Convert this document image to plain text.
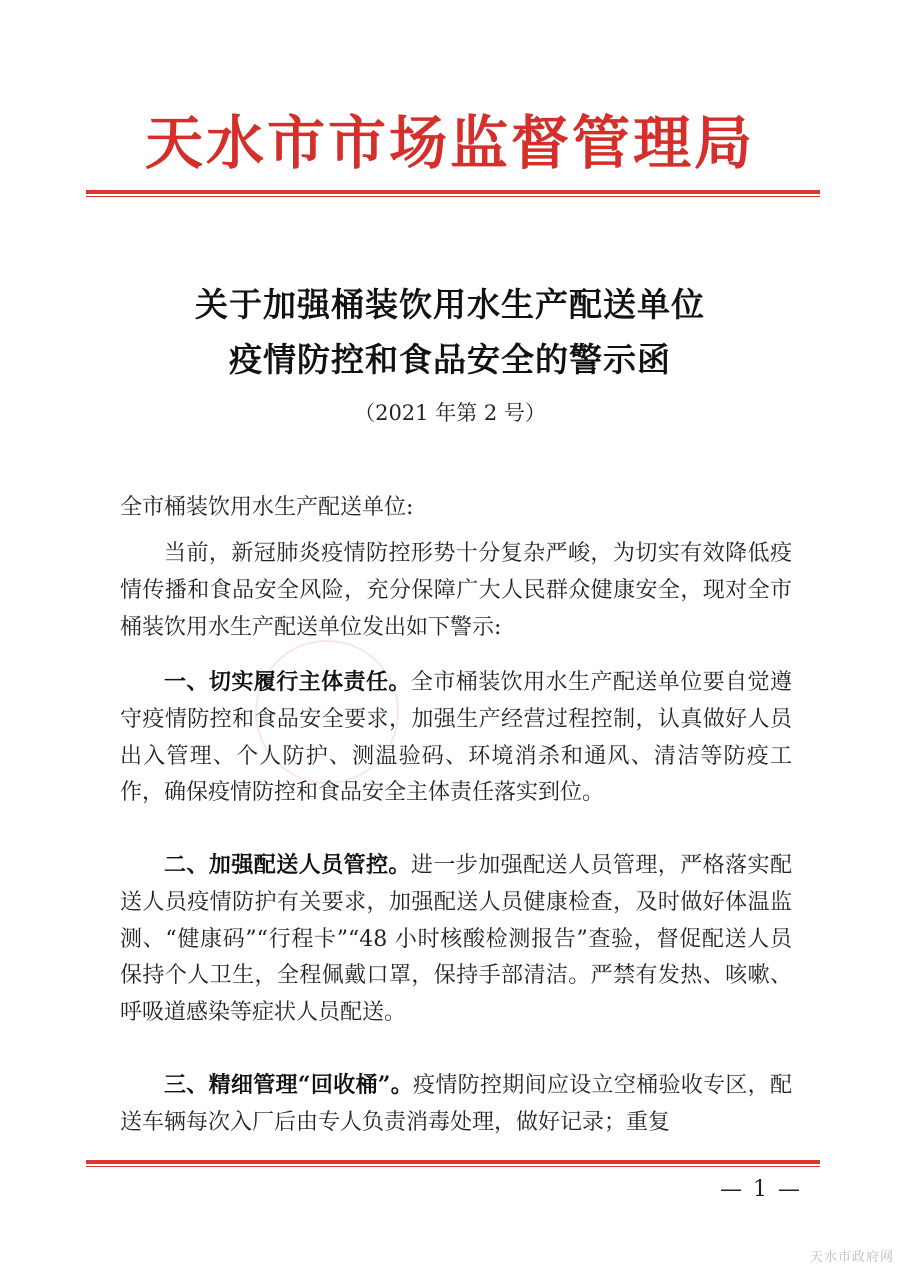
天水市市场监督管理局
关于加强桶装饮用水生产配送单位
疫情防控和食品安全的警示函
（2021 年第 2 号）
全市桶装饮用水生产配送单位:
当前，新冠肺炎疫情防控形势十分复杂严峻，为切实有效降低疫情传播和食品安全风险，充分保障广大人民群众健康安全，现对全市桶装饮用水生产配送单位发出如下警示:
一、切实履行主体责任。全市桶装饮用水生产配送单位要自觉遵守疫情防控和食品安全要求，加强生产经营过程控制，认真做好人员出入管理、个人防护、测温验码、环境消杀和通风、清洁等防疫工作，确保疫情防控和食品安全主体责任落实到位。
二、加强配送人员管控。进一步加强配送人员管理，严格落实配送人员疫情防护有关要求，加强配送人员健康检查，及时做好体温监测、“健康码”“行程卡”“48 小时核酸检测报告”查验，督促配送人员保持个人卫生，全程佩戴口罩，保持手部清洁。严禁有发热、咳嗽、呼吸道感染等症状人员配送。
三、精细管理“回收桶”。疫情防控期间应设立空桶验收专区，配送车辆每次入厂后由专人负责消毒处理，做好记录；重复
— 1 —
天水市政府网
